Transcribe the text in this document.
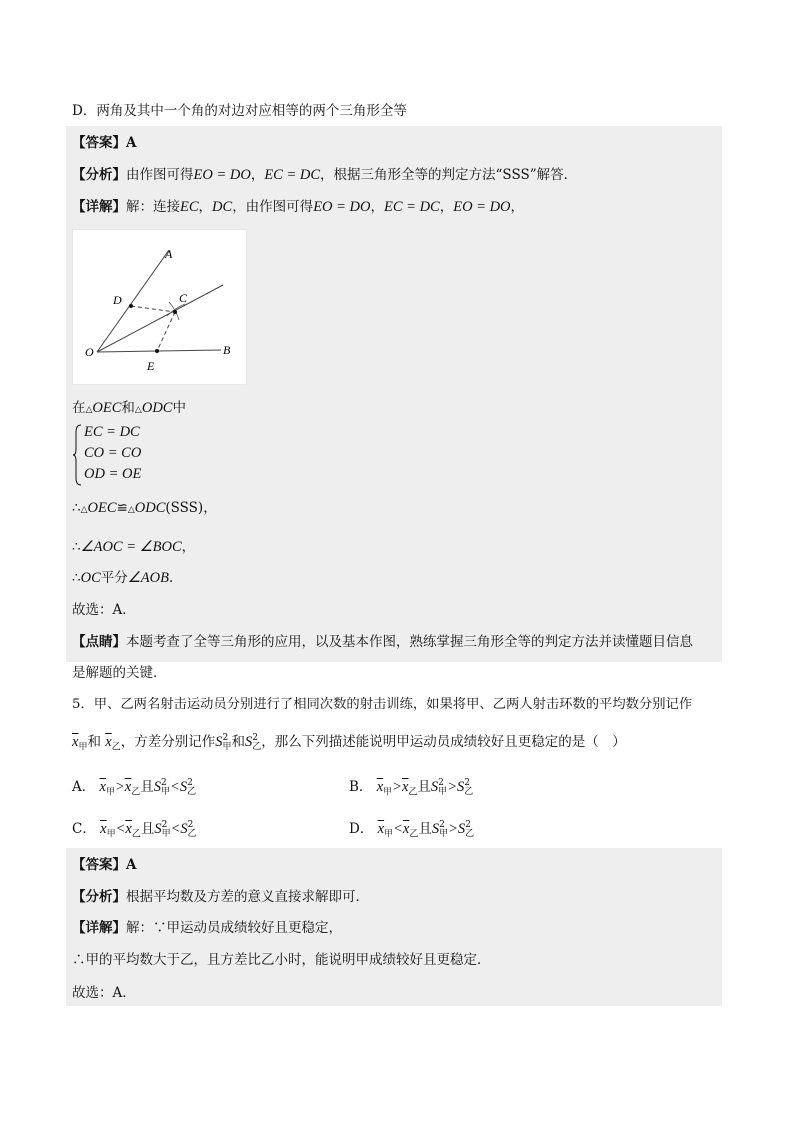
D．两角及其中一个角的对边对应相等的两个三角形全等
【答案】A
【分析】由作图可得EO = DO，EC = DC，根据三角形全等的判定方法“SSS”解答．
【详解】解：连接EC，DC，由作图可得EO = DO，EC = DC，EO = DO，
A
B
C
D
E
O
在△OEC和△ODC中
EC = DC
CO = CO
OD = OE
∴△OEC≌△ODC(SSS)，
∴∠AOC = ∠BOC，
∴OC平分∠AOB．
故选：A．
【点睛】本题考查了全等三角形的应用，以及基本作图，熟练掌握三角形全等的判定方法并读懂题目信息
是解题的关键．
5．甲、乙两名射击运动员分别进行了相同次数的射击训练，如果将甲、乙两人射击环数的平均数分别记作
$\overline{x}_甲$和 $\overline{x}_乙$，方差分别记作S 2
甲 和S 2
乙 ，那么下列描述能说明甲运动员成绩较好且更稳定的是（　）
A． $\overline{x}_甲>\overline{x}_乙$且S 2
甲 <S 2
乙	B． $\overline{x}_甲>\overline{x}_乙$且S 2
甲 >S 2
乙
C． $\overline{x}_甲<\overline{x}_乙$且S 2
甲 <S 2
乙	D． $\overline{x}_甲<\overline{x}_乙$且S 2
甲 >S 2
乙
【答案】A
【分析】根据平均数及方差的意义直接求解即可．
【详解】解：∵甲运动员成绩较好且更稳定，
∴甲的平均数大于乙，且方差比乙小时，能说明甲成绩较好且更稳定．
故选：A．
